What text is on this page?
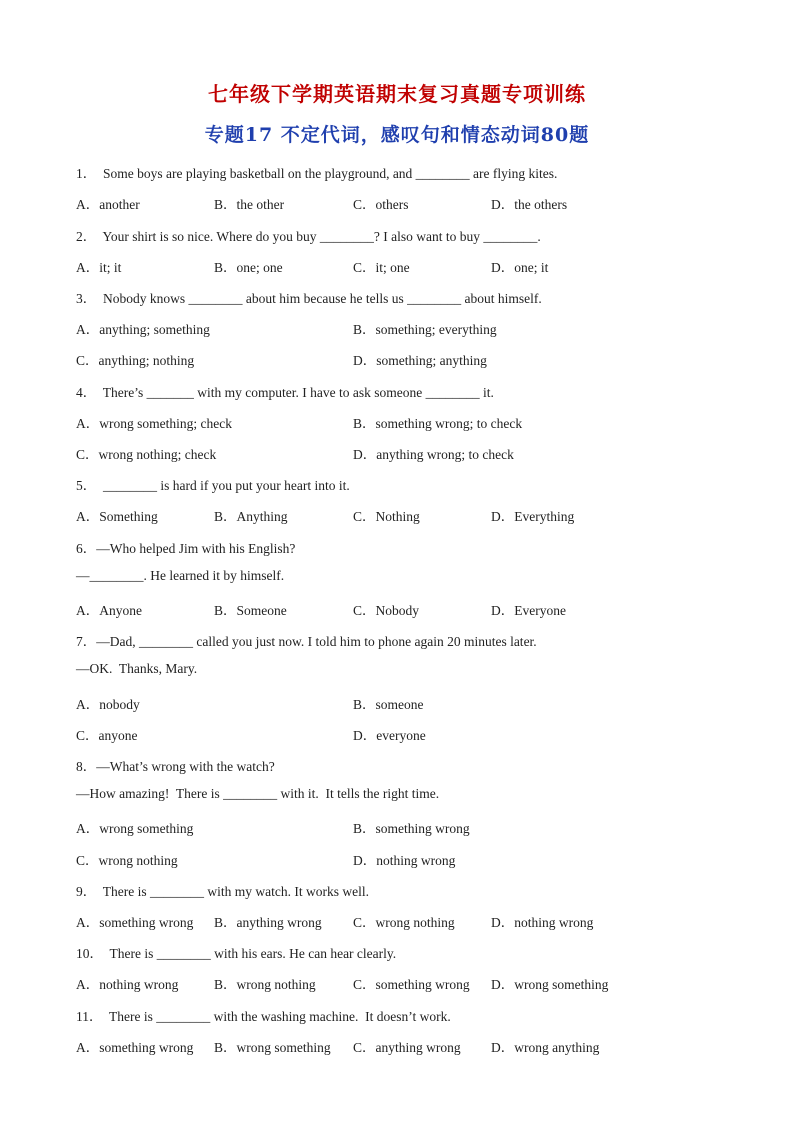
七年级下学期英语期末复习真题专项训练
专题17 不定代词，感叹句和情态动词80题
1．  Some boys are playing basketball on the playground, and ________ are flying kites.
A．another	B．the other	C．others	D．the others
2．  Your shirt is so nice. Where do you buy ________? I also want to buy ________.
A．it; it	B．one; one	C．it; one	D．one; it
3．  Nobody knows ________ about him because he tells us ________ about himself.
A．anything; something	B．something; everything
C．anything; nothing	D．something; anything
4．  There’s _______ with my computer. I have to ask someone ________ it.
A．wrong something; check	B．something wrong; to check
C．wrong nothing; check	D．anything wrong; to check
5．  ________ is hard if you put your heart into it.
A．Something	B．Anything	C．Nothing	D．Everything
6．—Who helped Jim with his English?
—________. He learned it by himself.
A．Anyone	B．Someone	C．Nobody	D．Everyone
7．—Dad, ________ called you just now. I told him to phone again 20 minutes later.
—OK.  Thanks, Mary.
A．nobody	B．someone
C．anyone	D．everyone
8．—What’s wrong with the watch?
—How amazing!  There is ________ with it.  It tells the right time.
A．wrong something	B．something wrong
C．wrong nothing	D．nothing wrong
9．  There is ________ with my watch. It works well.
A．something wrong B．anything wrong C．wrong nothing	D．nothing wrong
10．  There is ________ with his ears. He can hear clearly.
A．nothing wrong	B．wrong nothing	C．something wrong D．wrong something
11．  There is ________ with the washing machine.  It doesn’t work.
A．something wrong B．wrong something C．anything wrong D．wrong anything
